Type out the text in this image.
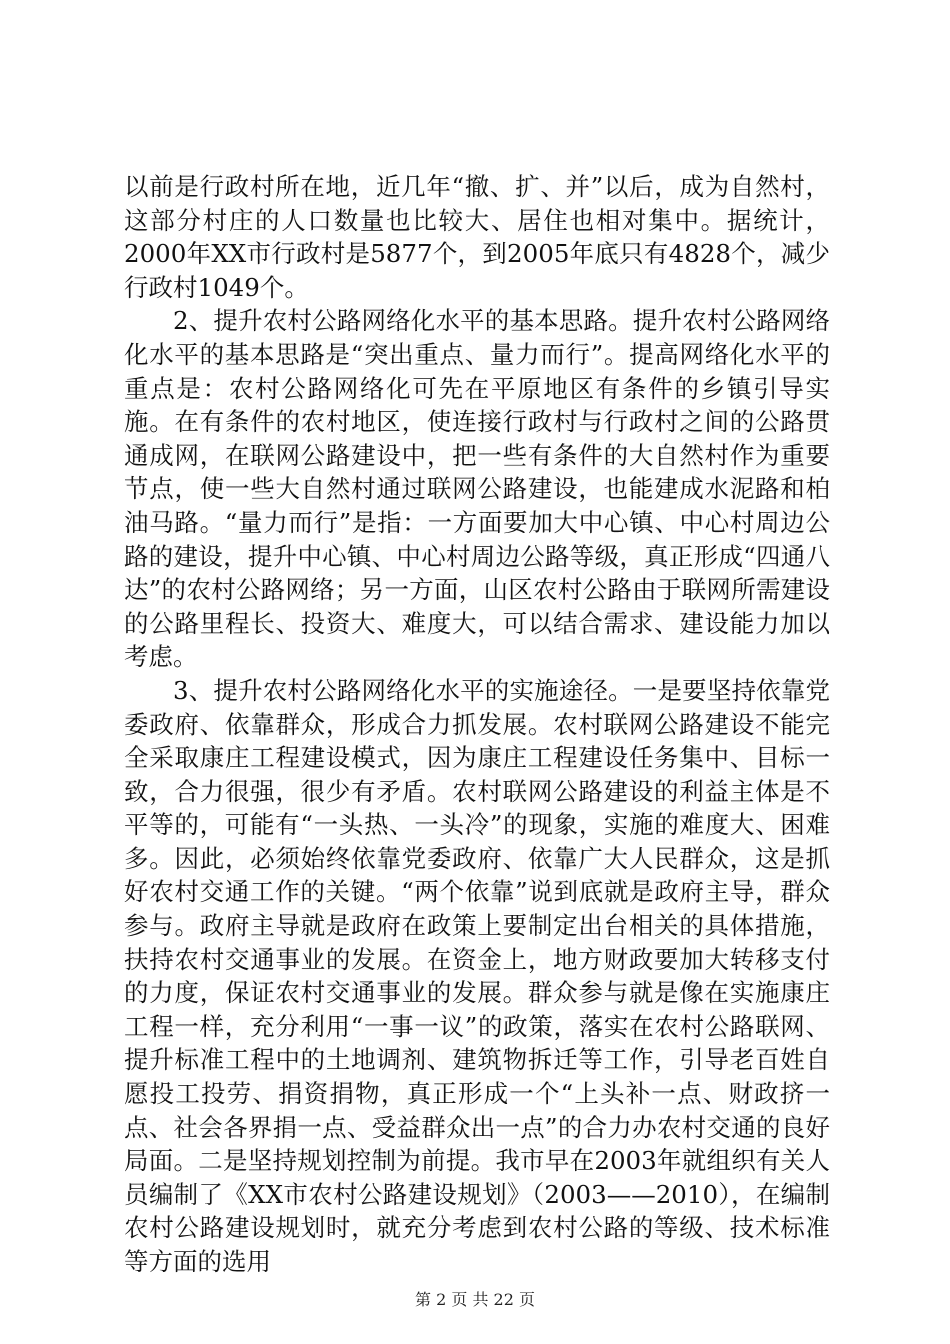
以前是行政村所在地，近几年“撤、扩、并”以后，成为自然村，这部分村庄的人口数量也比较大、居住也相对集中。据统计，2000年XX市行政村是5877个，到2005年底只有4828个，减少行政村1049个。

2、提升农村公路网络化水平的基本思路。提升农村公路网络化水平的基本思路是“突出重点、量力而行”。提高网络化水平的重点是：农村公路网络化可先在平原地区有条件的乡镇引导实施。在有条件的农村地区，使连接行政村与行政村之间的公路贯通成网，在联网公路建设中，把一些有条件的大自然村作为重要节点，使一些大自然村通过联网公路建设，也能建成水泥路和柏油马路。“量力而行”是指：一方面要加大中心镇、中心村周边公路的建设，提升中心镇、中心村周边公路等级，真正形成“四通八达”的农村公路网络；另一方面，山区农村公路由于联网所需建设的公路里程长、投资大、难度大，可以结合需求、建设能力加以考虑。

3、提升农村公路网络化水平的实施途径。一是要坚持依靠党委政府、依靠群众，形成合力抓发展。农村联网公路建设不能完全采取康庄工程建设模式，因为康庄工程建设任务集中、目标一致，合力很强，很少有矛盾。农村联网公路建设的利益主体是不平等的，可能有“一头热、一头冷”的现象，实施的难度大、困难多。因此，必须始终依靠党委政府、依靠广大人民群众，这是抓好农村交通工作的关键。“两个依靠”说到底就是政府主导，群众参与。政府主导就是政府在政策上要制定出台相关的具体措施，扶持农村交通事业的发展。在资金上，地方财政要加大转移支付的力度，保证农村交通事业的发展。群众参与就是像在实施康庄工程一样，充分利用“一事一议”的政策，落实在农村公路联网、提升标准工程中的土地调剂、建筑物拆迁等工作，引导老百姓自愿投工投劳、捐资捐物，真正形成一个“上头补一点、财政挤一点、社会各界捐一点、受益群众出一点”的合力办农村交通的良好局面。二是坚持规划控制为前提。我市早在2003年就组织有关人员编制了《XX市农村公路建设规划》（2003——2010），在编制农村公路建设规划时，就充分考虑到农村公路的等级、技术标准等方面的选用

第 2 页 共 22 页
